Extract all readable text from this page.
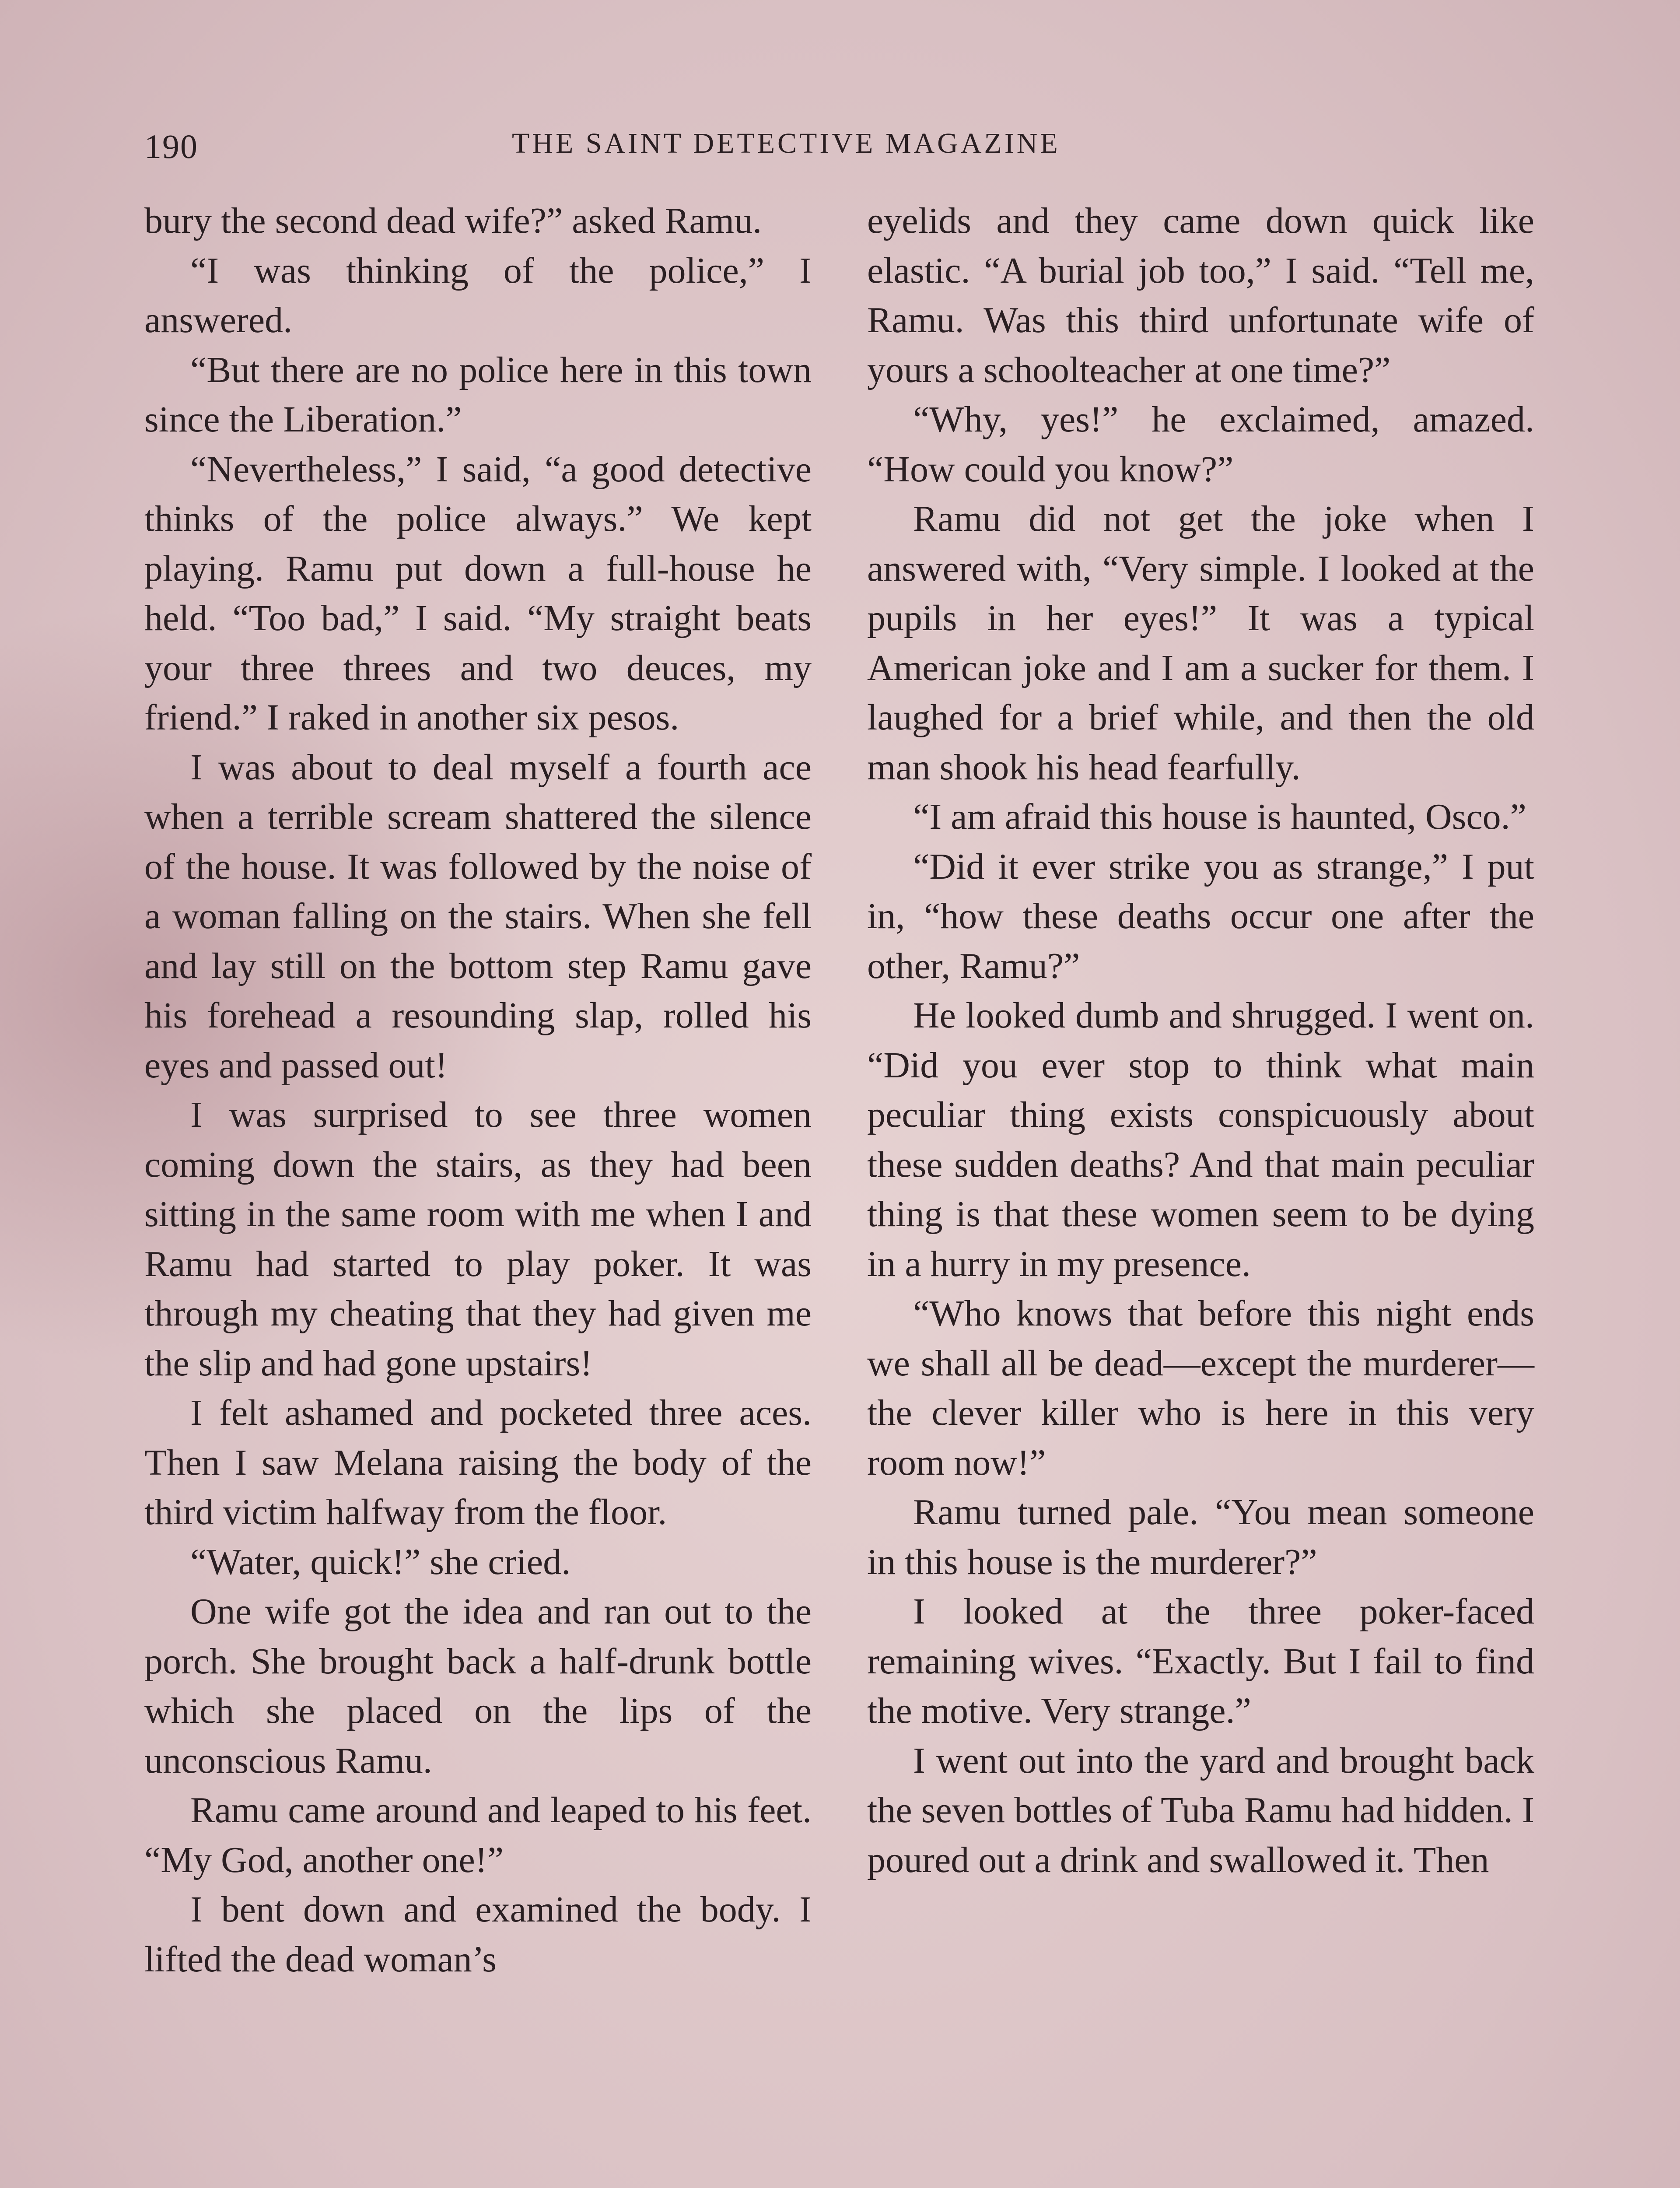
190	THE SAINT DETECTIVE MAGAZINE

bury the second dead wife?” asked Ramu.

“I was thinking of the police,” I answered.

“But there are no police here in this town since the Liberation.”

“Nevertheless,” I said, “a good detective thinks of the police always.” We kept playing. Ramu put down a full-house he held. “Too bad,” I said. “My straight beats your three threes and two deuces, my friend.” I raked in another six pesos.

I was about to deal myself a fourth ace when a terrible scream shattered the silence of the house. It was followed by the noise of a woman falling on the stairs. When she fell and lay still on the bottom step Ramu gave his forehead a resounding slap, rolled his eyes and passed out!

I was surprised to see three women coming down the stairs, as they had been sitting in the same room with me when I and Ramu had started to play poker. It was through my cheating that they had given me the slip and had gone upstairs!

I felt ashamed and pocketed three aces. Then I saw Melana raising the body of the third victim halfway from the floor.

“Water, quick!” she cried.

One wife got the idea and ran out to the porch. She brought back a half-drunk bottle which she placed on the lips of the unconscious Ramu.

Ramu came around and leaped to his feet. “My God, another one!”

I bent down and examined the body. I lifted the dead woman’s

eyelids and they came down quick like elastic. “A burial job too,” I said. “Tell me, Ramu. Was this third unfortunate wife of yours a schoolteacher at one time?”

“Why, yes!” he exclaimed, amazed. “How could you know?”

Ramu did not get the joke when I answered with, “Very simple. I looked at the pupils in her eyes!” It was a typical American joke and I am a sucker for them. I laughed for a brief while, and then the old man shook his head fearfully.

“I am afraid this house is haunted, Osco.”

“Did it ever strike you as strange,” I put in, “how these deaths occur one after the other, Ramu?”

He looked dumb and shrugged. I went on. “Did you ever stop to think what main peculiar thing exists conspicuously about these sudden deaths? And that main peculiar thing is that these women seem to be dying in a hurry in my presence.

“Who knows that before this night ends we shall all be dead—except the murderer—the clever killer who is here in this very room now!”

Ramu turned pale. “You mean someone in this house is the murderer?”

I looked at the three poker-faced remaining wives. “Exactly. But I fail to find the motive. Very strange.”

I went out into the yard and brought back the seven bottles of Tuba Ramu had hidden. I poured out a drink and swallowed it. Then
